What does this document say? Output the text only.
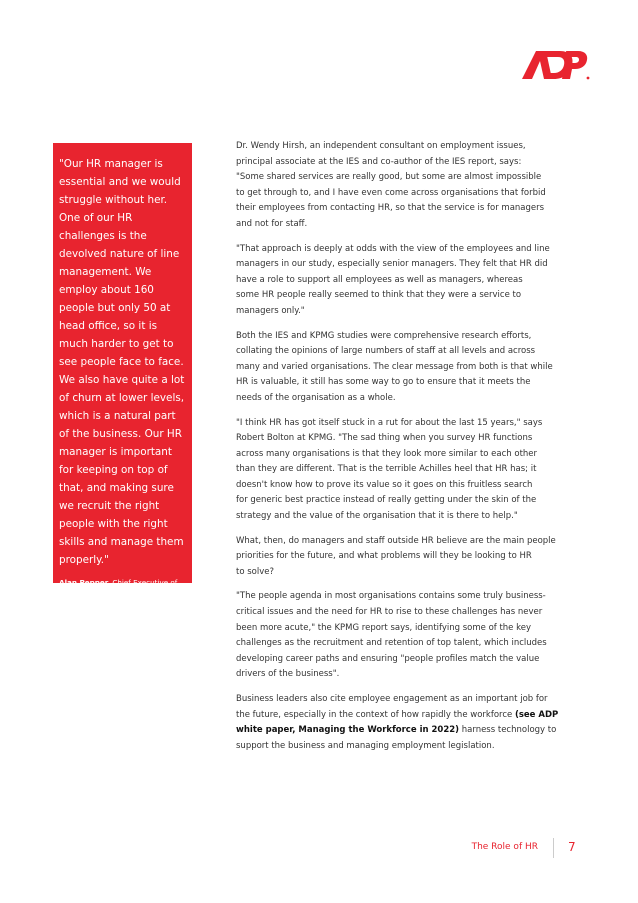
"Our HR manager is
essential and we would
struggle without her.
One of our HR
challenges is the
devolved nature of line
management. We
employ about 160
people but only 50 at
head office, so it is
much harder to get to
see people face to face.
We also have quite a lot
of churn at lower levels,
which is a natural part
of the business. Our HR
manager is important
for keeping on top of
that, and making sure
we recruit the right
people with the right
skills and manage them
properly."

Alan Pepper, Chief Executive of
Avanta, a business centre group
with about 160 staff

Dr. Wendy Hirsh, an independent consultant on employment issues,
principal associate at the IES and co-author of the IES report, says:
"Some shared services are really good, but some are almost impossible
to get through to, and I have even come across organisations that forbid
their employees from contacting HR, so that the service is for managers
and not for staff.

"That approach is deeply at odds with the view of the employees and line
managers in our study, especially senior managers. They felt that HR did
have a role to support all employees as well as managers, whereas
some HR people really seemed to think that they were a service to
managers only."

Both the IES and KPMG studies were comprehensive research efforts,
collating the opinions of large numbers of staff at all levels and across
many and varied organisations. The clear message from both is that while
HR is valuable, it still has some way to go to ensure that it meets the
needs of the organisation as a whole.

"I think HR has got itself stuck in a rut for about the last 15 years," says
Robert Bolton at KPMG. "The sad thing when you survey HR functions
across many organisations is that they look more similar to each other
than they are different. That is the terrible Achilles heel that HR has; it
doesn't know how to prove its value so it goes on this fruitless search
for generic best practice instead of really getting under the skin of the
strategy and the value of the organisation that it is there to help."

What, then, do managers and staff outside HR believe are the main people
priorities for the future, and what problems will they be looking to HR
to solve?

"The people agenda in most organisations contains some truly business-
critical issues and the need for HR to rise to these challenges has never
been more acute," the KPMG report says, identifying some of the key
challenges as the recruitment and retention of top talent, which includes
developing career paths and ensuring "people profiles match the value
drivers of the business".

Business leaders also cite employee engagement as an important job for
the future, especially in the context of how rapidly the workforce (see ADP
white paper, Managing the Workforce in 2022) harness technology to
support the business and managing employment legislation.

The Role of HR	7
